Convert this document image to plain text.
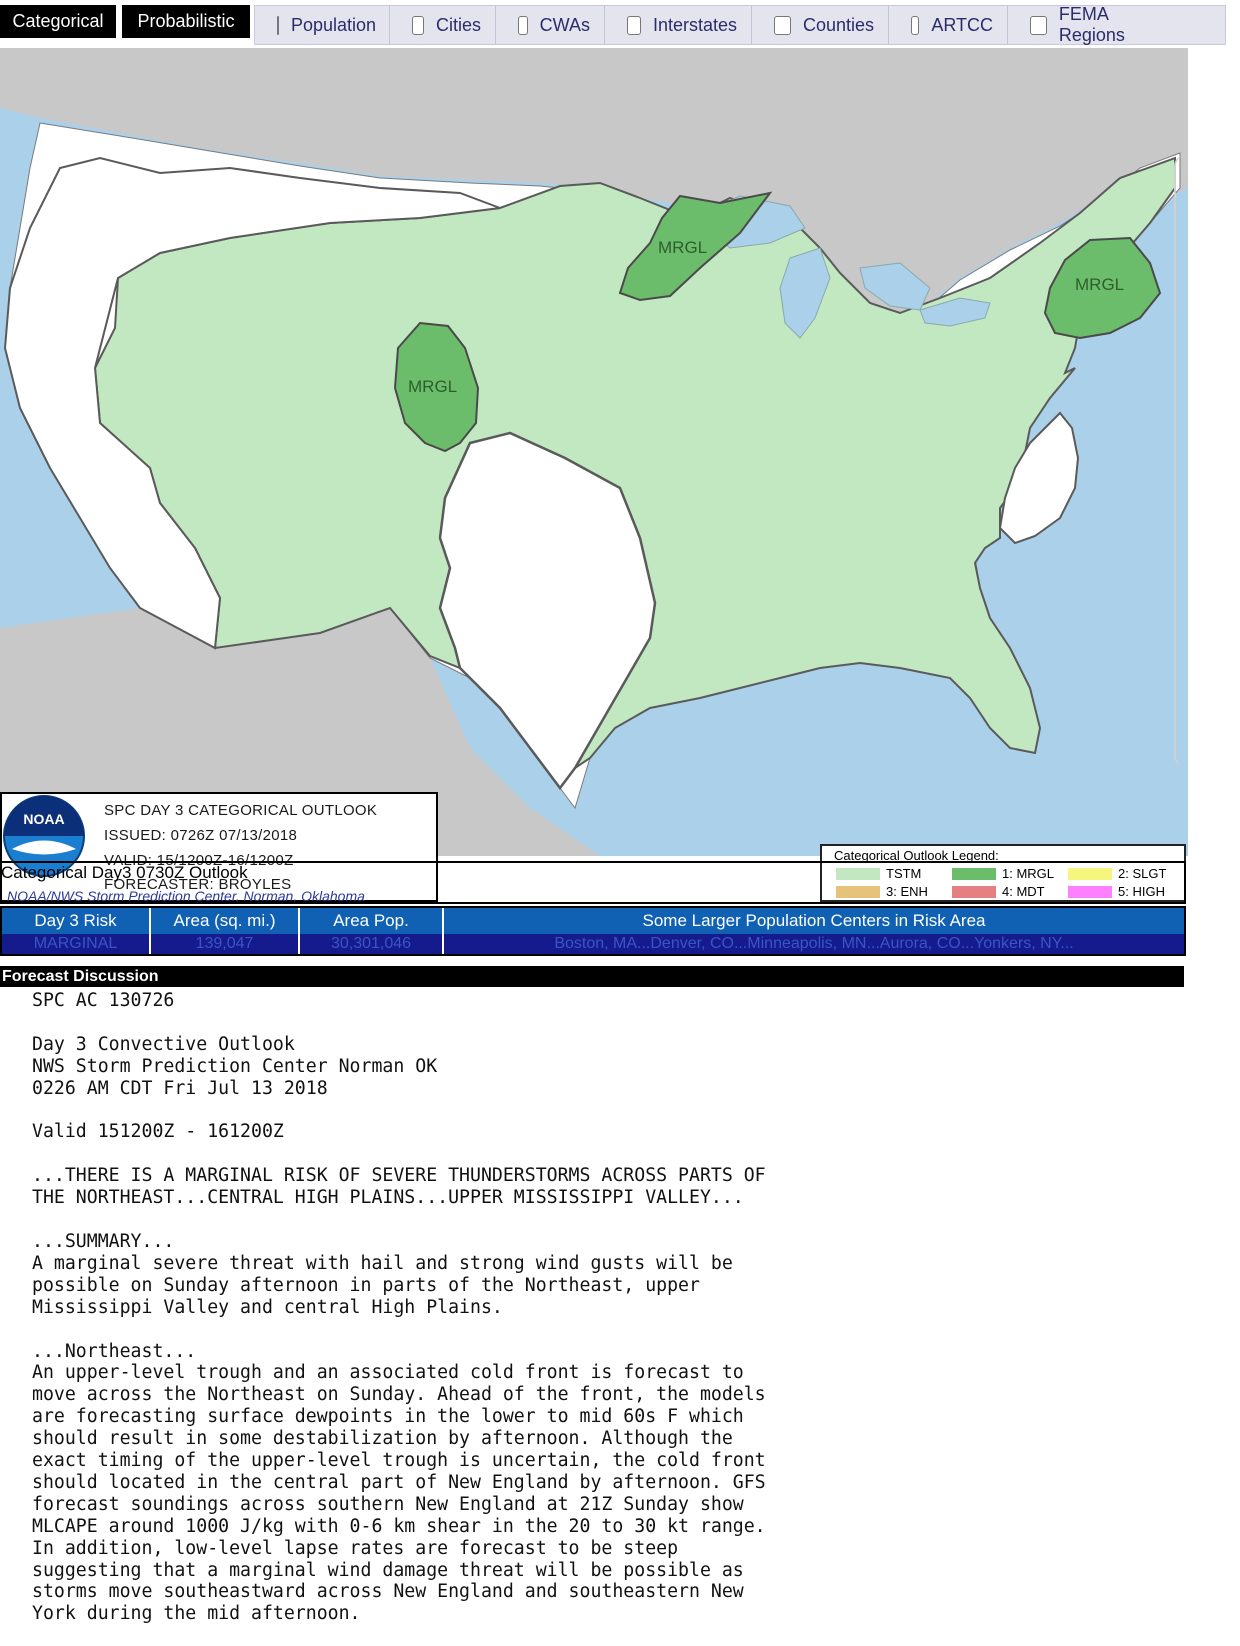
Categorical	Probabilistic	Population	Cities	CWAs	Interstates	Counties	ARTCC
FEMA Regions
MRGL
MRGL
MRGL
NOAA	SPC DAY 3 CATEGORICAL OUTLOOK
ISSUED: 0726Z 07/13/2018
VALID: 15/1200Z-16/1200Z
FORECASTER: BROYLES
NOAA/NWS Storm Prediction Center, Norman, Oklahoma
Categorical Outlook Legend:
TSTM	1: MRGL	2: SLGT
3: ENH	4: MDT	5: HIGH
Categorical Day3 0730Z Outlook
Day 3 Risk	Area (sq. mi.)	Area Pop.	Some Larger Population Centers in Risk Area
MARGINAL	139,047	30,301,046	Boston, MA...Denver, CO...Minneapolis, MN...Aurora, CO...Yonkers, NY...
Forecast Discussion
SPC AC 130726

Day 3 Convective Outlook
NWS Storm Prediction Center Norman OK
0226 AM CDT Fri Jul 13 2018

Valid 151200Z - 161200Z

...THERE IS A MARGINAL RISK OF SEVERE THUNDERSTORMS ACROSS PARTS OF
THE NORTHEAST...CENTRAL HIGH PLAINS...UPPER MISSISSIPPI VALLEY...

...SUMMARY...
A marginal severe threat with hail and strong wind gusts will be
possible on Sunday afternoon in parts of the Northeast, upper
Mississippi Valley and central High Plains.

...Northeast...
An upper-level trough and an associated cold front is forecast to
move across the Northeast on Sunday. Ahead of the front, the models
are forecasting surface dewpoints in the lower to mid 60s F which
should result in some destabilization by afternoon. Although the
exact timing of the upper-level trough is uncertain, the cold front
should located in the central part of New England by afternoon. GFS
forecast soundings across southern New England at 21Z Sunday show
MLCAPE around 1000 J/kg with 0-6 km shear in the 20 to 30 kt range.
In addition, low-level lapse rates are forecast to be steep
suggesting that a marginal wind damage threat will be possible as
storms move southeastward across New England and southeastern New
York during the mid afternoon.
